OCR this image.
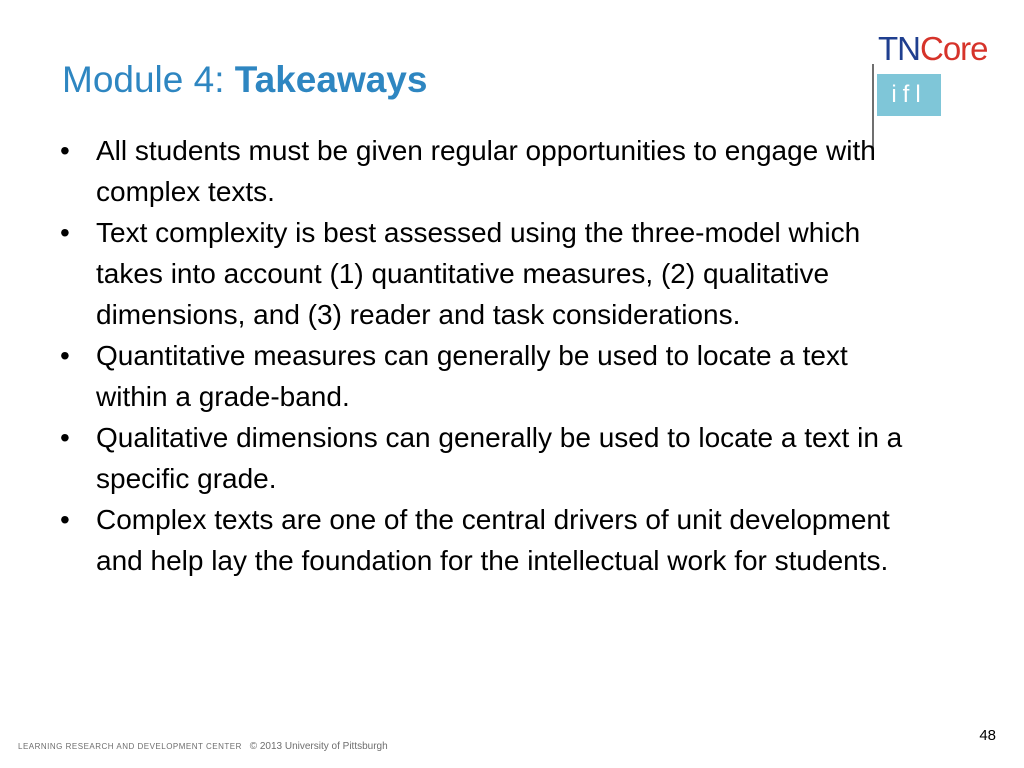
Module 4: Takeaways
TNCore
ifl
• All students must be given regular opportunities to engage with complex texts.
• Text complexity is best assessed using the three-model which takes into account (1) quantitative measures, (2) qualitative dimensions, and (3) reader and task considerations.
• Quantitative measures can generally be used to locate a text within a grade-band.
• Qualitative dimensions can generally be used to locate a text in a specific grade.
• Complex texts are one of the central drivers of unit development and help lay the foundation for the intellectual work for students.
LEARNING RESEARCH AND DEVELOPMENT CENTER © 2013 University of Pittsburgh
48
